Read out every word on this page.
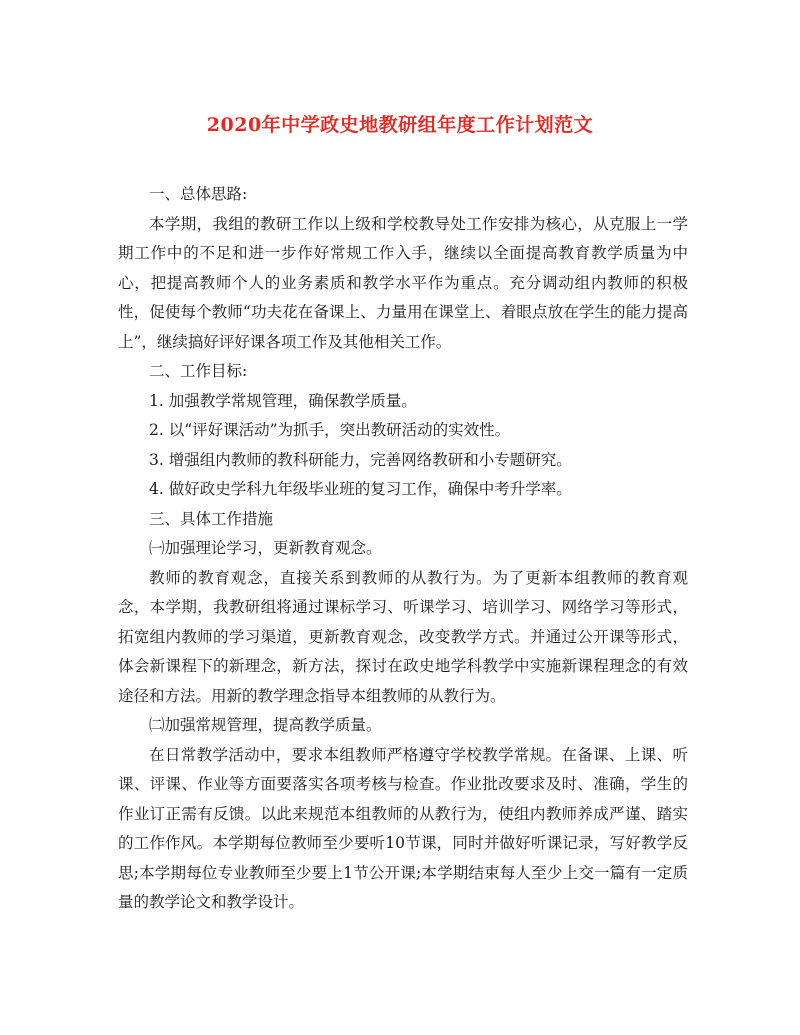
2020年中学政史地教研组年度工作计划范文

一、总体思路:

本学期，我组的教研工作以上级和学校教导处工作安排为核心，从克服上一学期工作中的不足和进一步作好常规工作入手，继续以全面提高教育教学质量为中心，把提高教师个人的业务素质和教学水平作为重点。充分调动组内教师的积极性，促使每个教师“功夫花在备课上、力量用在课堂上、着眼点放在学生的能力提高上”，继续搞好评好课各项工作及其他相关工作。

二、工作目标:

1. 加强教学常规管理，确保教学质量。

2. 以“评好课活动”为抓手，突出教研活动的实效性。

3. 增强组内教师的教科研能力，完善网络教研和小专题研究。

4. 做好政史学科九年级毕业班的复习工作，确保中考升学率。

三、具体工作措施

㈠加强理论学习，更新教育观念。

教师的教育观念，直接关系到教师的从教行为。为了更新本组教师的教育观念，本学期，我教研组将通过课标学习、听课学习、培训学习、网络学习等形式，拓宽组内教师的学习渠道，更新教育观念，改变教学方式。并通过公开课等形式，体会新课程下的新理念，新方法，探讨在政史地学科教学中实施新课程理念的有效途径和方法。用新的教学理念指导本组教师的从教行为。

㈡加强常规管理，提高教学质量。

在日常教学活动中，要求本组教师严格遵守学校教学常规。在备课、上课、听课、评课、作业等方面要落实各项考核与检查。作业批改要求及时、准确，学生的作业订正需有反馈。以此来规范本组教师的从教行为，使组内教师养成严谨、踏实的工作作风。本学期每位教师至少要听10节课，同时并做好听课记录，写好教学反思;本学期每位专业教师至少要上1节公开课;本学期结束每人至少上交一篇有一定质量的教学论文和教学设计。
